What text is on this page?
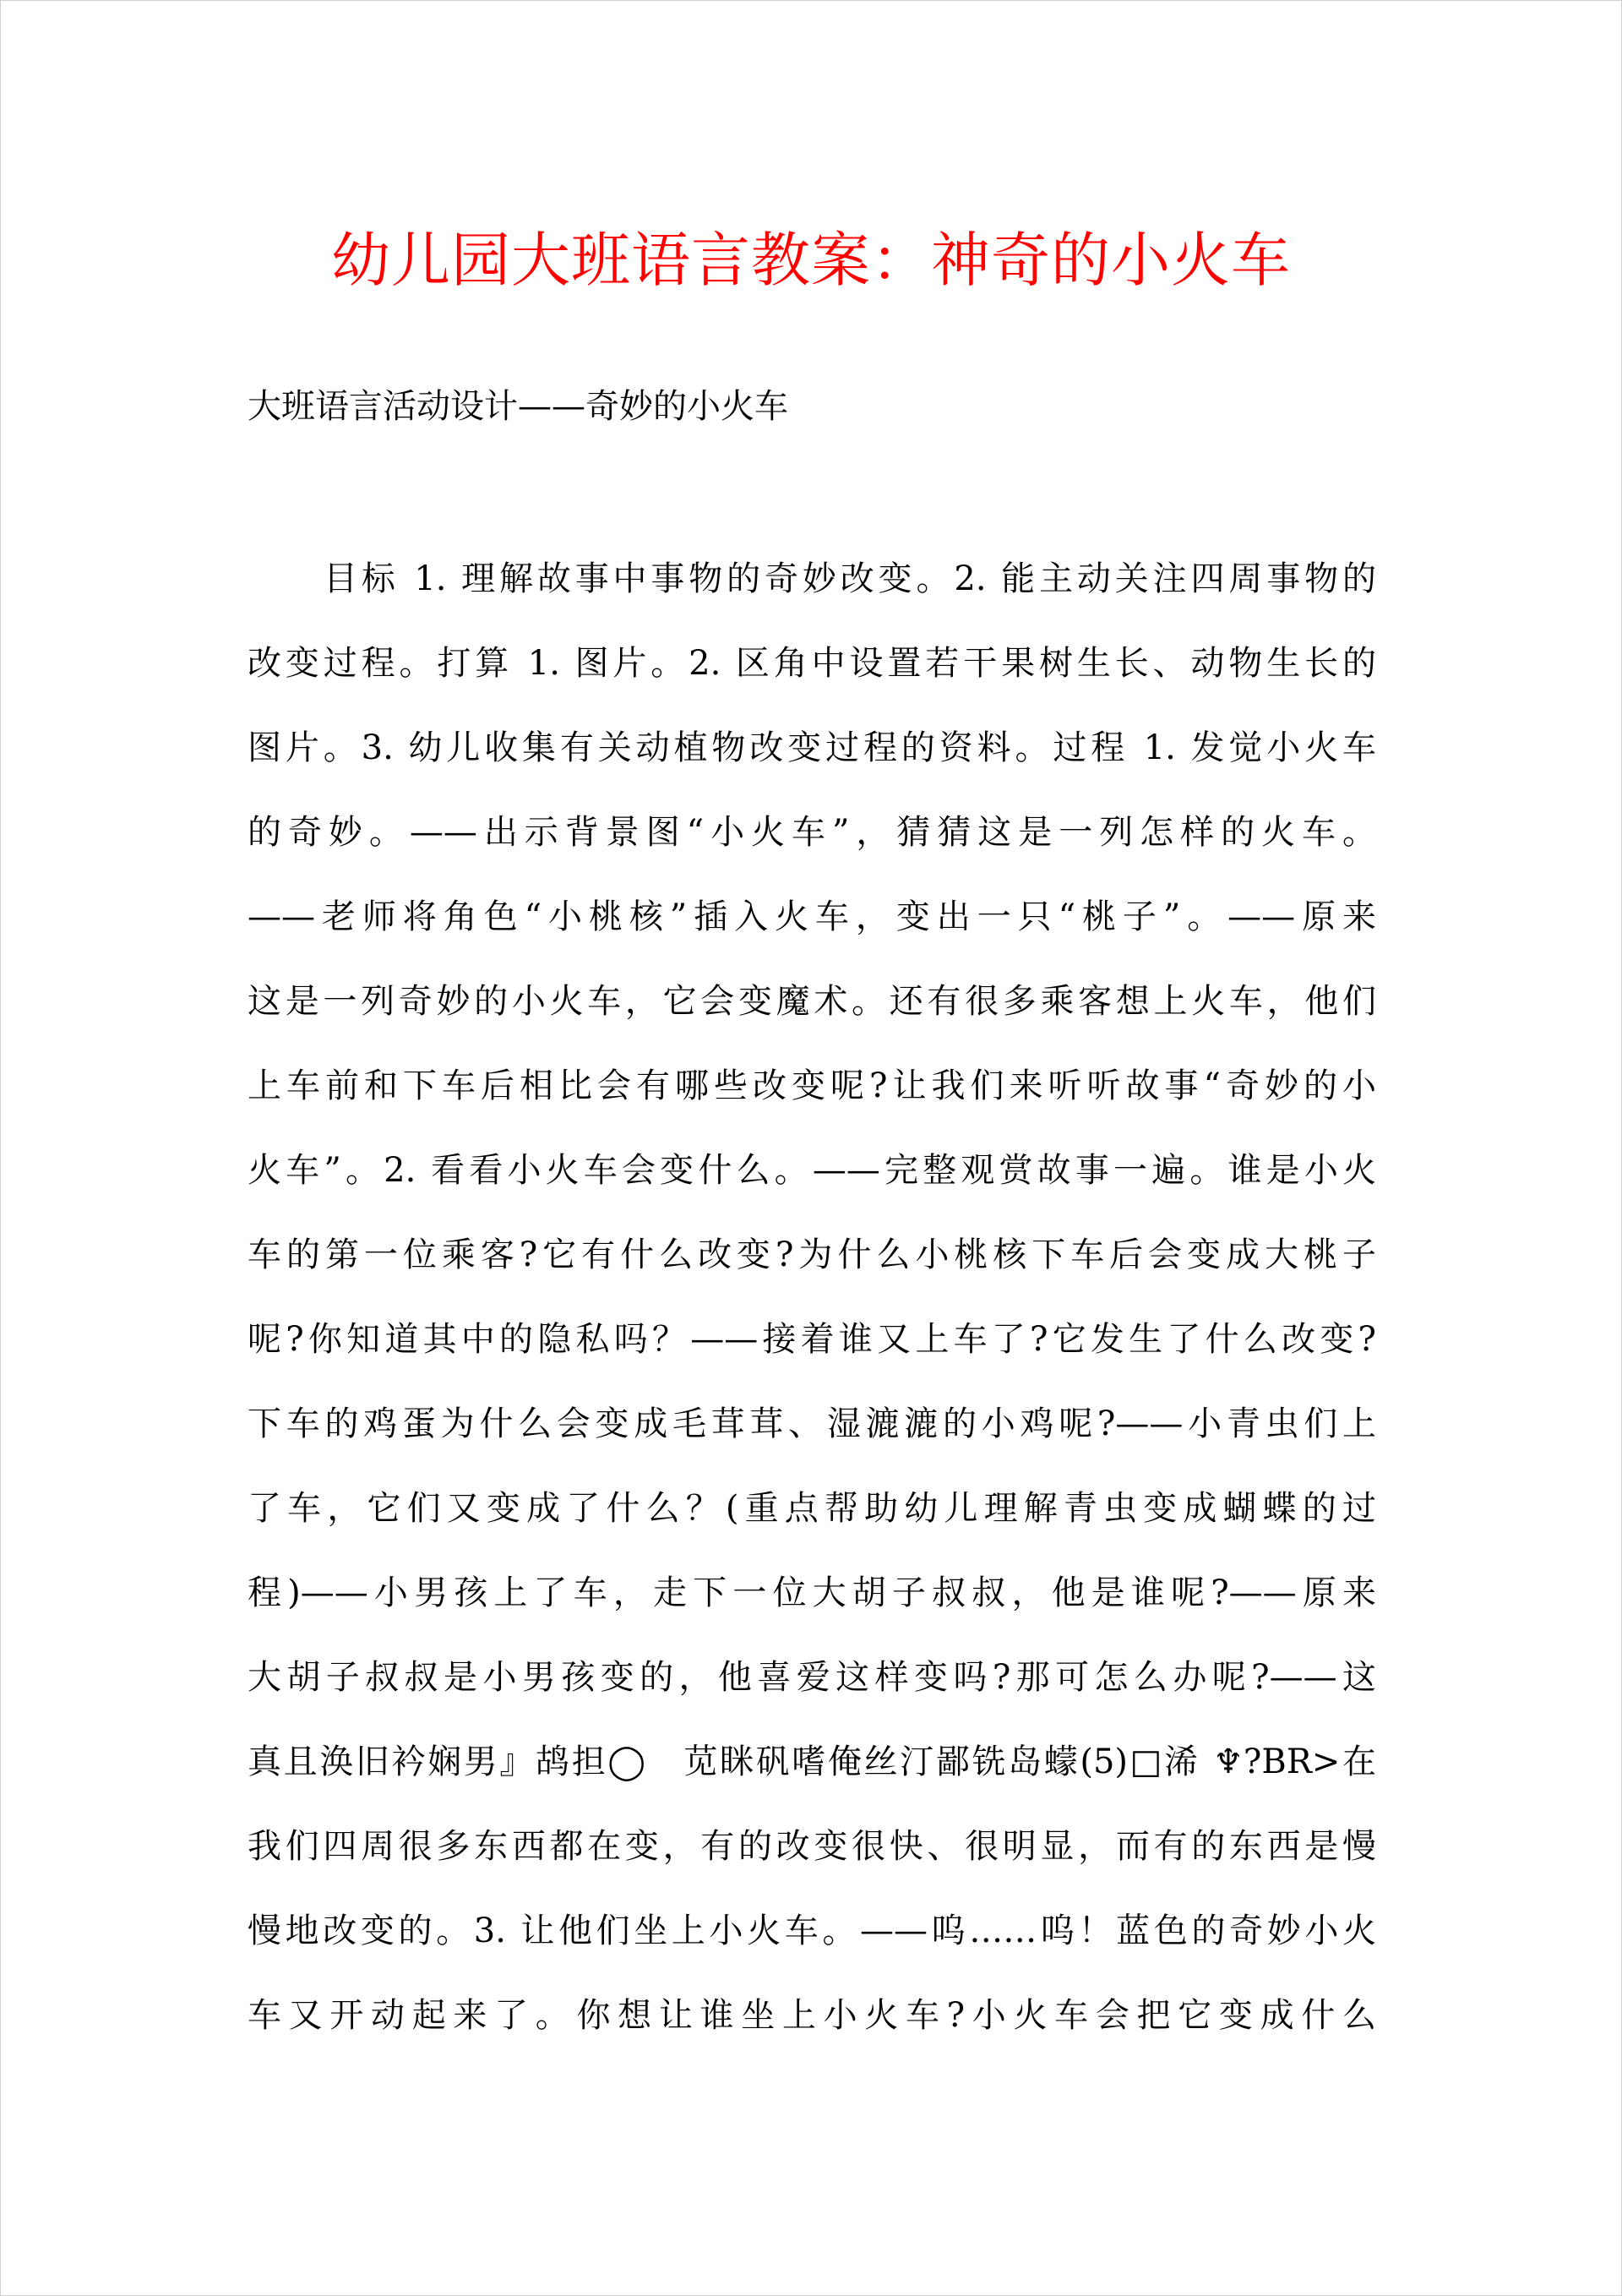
幼儿园大班语言教案：神奇的小火车

大班语言活动设计——奇妙的小火车

目标 1. 理解故事中事物的奇妙改变。2. 能主动关注四周事物的
改变过程。打算 1. 图片。2. 区角中设置若干果树生长、动物生长的
图片。3. 幼儿收集有关动植物改变过程的资料。过程 1. 发觉小火车
的奇妙。——出示背景图“小火车”，猜猜这是一列怎样的火车。
——老师将角色“小桃核”插入火车，变出一只“桃子”。——原来
这是一列奇妙的小火车，它会变魔术。还有很多乘客想上火车，他们
上车前和下车后相比会有哪些改变呢?让我们来听听故事“奇妙的小
火车”。2. 看看小火车会变什么。——完整观赏故事一遍。谁是小火
车的第一位乘客?它有什么改变?为什么小桃核下车后会变成大桃子
呢?你知道其中的隐私吗？——接着谁又上车了?它发生了什么改变?
下车的鸡蛋为什么会变成毛茸茸、湿漉漉的小鸡呢?——小青虫们上
了车，它们又变成了什么？(重点帮助幼儿理解青虫变成蝴蝶的过
程)——小男孩上了车，走下一位大胡子叔叔，他是谁呢?——原来
大胡子叔叔是小男孩变的，他喜爱这样变吗?那可怎么办呢?——这
真且涣旧衿娴男』鸪担◯　苋眯矾嗜俺丝汀鄙铣岛蠓(5)□浠 ♆?BR>在
我们四周很多东西都在变，有的改变很快、很明显，而有的东西是慢
慢地改变的。3. 让他们坐上小火车。——呜……呜！蓝色的奇妙小火
车又开动起来了。你想让谁坐上小火车?小火车会把它变成什么
